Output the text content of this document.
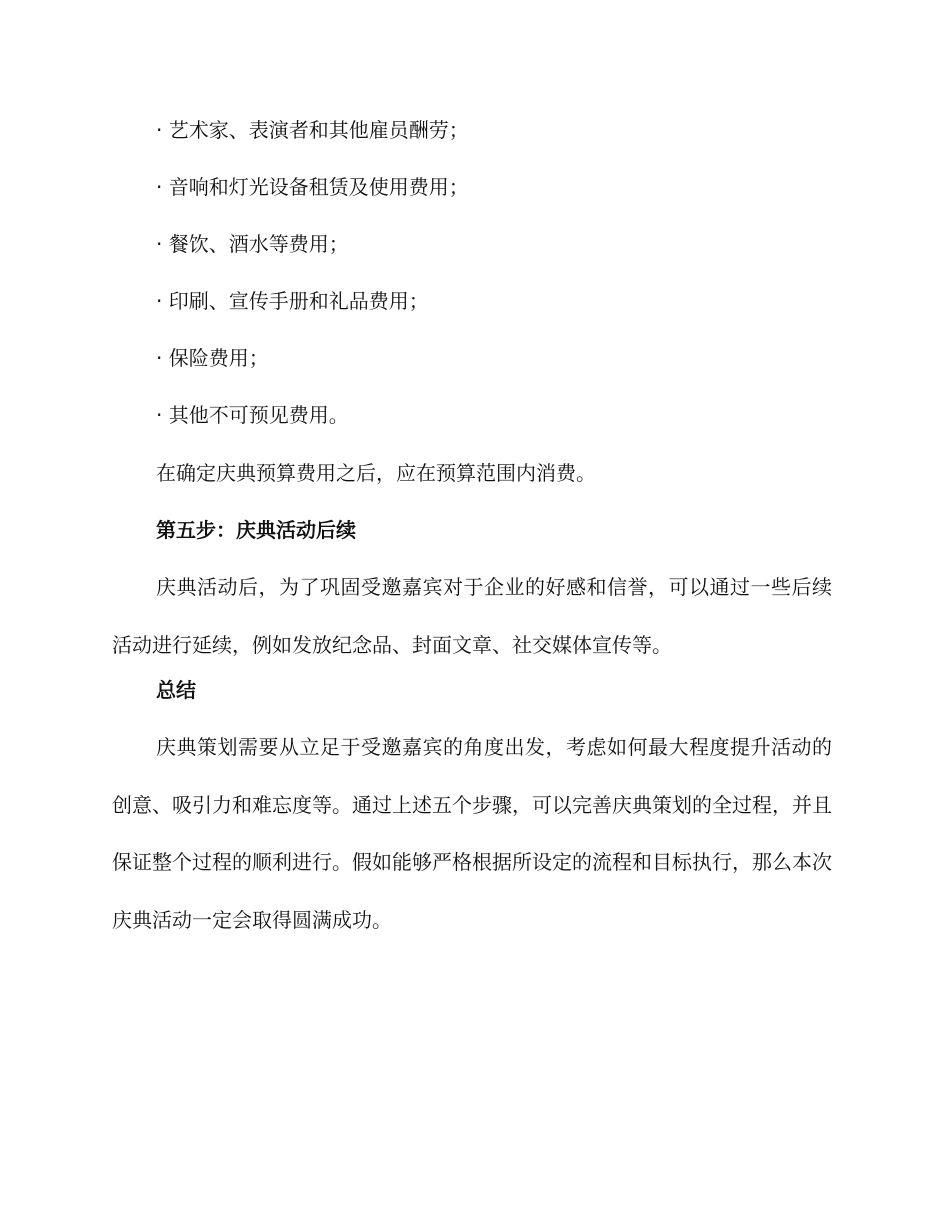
· 艺术家、表演者和其他雇员酬劳；
· 音响和灯光设备租赁及使用费用；
· 餐饮、酒水等费用；
· 印刷、宣传手册和礼品费用；
· 保险费用；
· 其他不可预见费用。
在确定庆典预算费用之后，应在预算范围内消费。
第五步：庆典活动后续

庆典活动后，为了巩固受邀嘉宾对于企业的好感和信誉，可以通过一些后续活动进行延续，例如发放纪念品、封面文章、社交媒体宣传等。

总结

庆典策划需要从立足于受邀嘉宾的角度出发，考虑如何最大程度提升活动的创意、吸引力和难忘度等。通过上述五个步骤，可以完善庆典策划的全过程，并且保证整个过程的顺利进行。假如能够严格根据所设定的流程和目标执行，那么本次庆典活动一定会取得圆满成功。
